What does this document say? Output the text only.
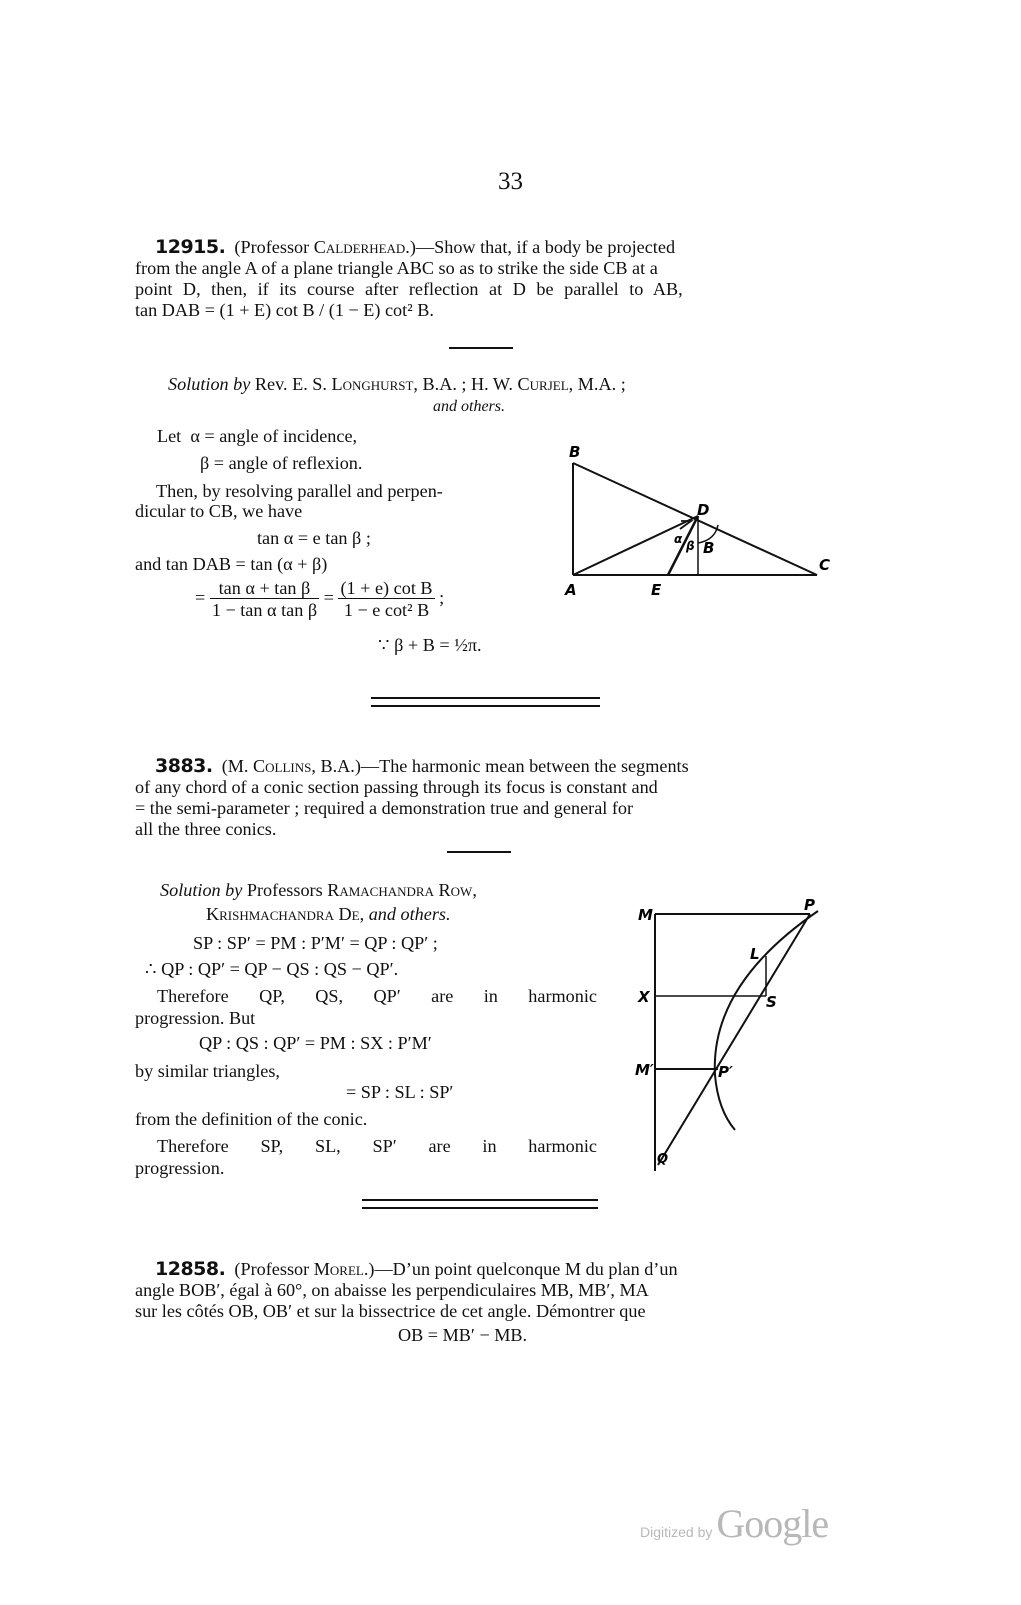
33
12915. (Professor Calderhead.)—Show that, if a body be projected
from the angle A of a plane triangle ABC so as to strike the side CB at a
point D, then, if its course after reflection at D be parallel to AB,
tan DAB = (1 + E) cot B / (1 − E) cot² B.
Solution by Rev. E. S. Longhurst, B.A. ; H. W. Curjel, M.A. ;
and others.
Let α = angle of incidence,
β = angle of reflexion.
Then, by resolving parallel and perpen-
dicular to CB, we have
tan α = e tan β ;
and tan DAB = tan (α + β)
= $\frac{\text{tan α + tan β}}{\text{1 − tan α tan β}} = \frac{\text{(1 + e) cot B}}{\text{1 − e cot² B}}$ ;
∵ β + B = ½π.
B
D
C
A	E
α β B
3883. (M. Collins, B.A.)—The harmonic mean between the segments
of any chord of a conic section passing through its focus is constant and
= the semi-parameter ; required a demonstration true and general for
all the three conics.
Solution by Professors Ramachandra Row,
Krishmachandra De, and others.
SP : SP′ = PM : P′M′ = QP : QP′ ;
∴ QP : QP′ = QP − QS : QS − QP′.
Therefore QP, QS, QP′ are in harmonic
progression. But
QP : QS : QP′ = PM : SX : P′M′
by similar triangles,
= SP : SL : SP′
from the definition of the conic.
Therefore SP, SL, SP′ are in harmonic
progression.
M
P
L
X	S
M′	P′
Q
12858. (Professor Morel.)—D’un point quelconque M du plan d’un
angle BOB′, égal à 60°, on abaisse les perpendiculaires MB, MB′, MA
sur les côtés OB, OB′ et sur la bissectrice de cet angle. Démontrer que
OB = MB′ − MB.
Digitized by Google
